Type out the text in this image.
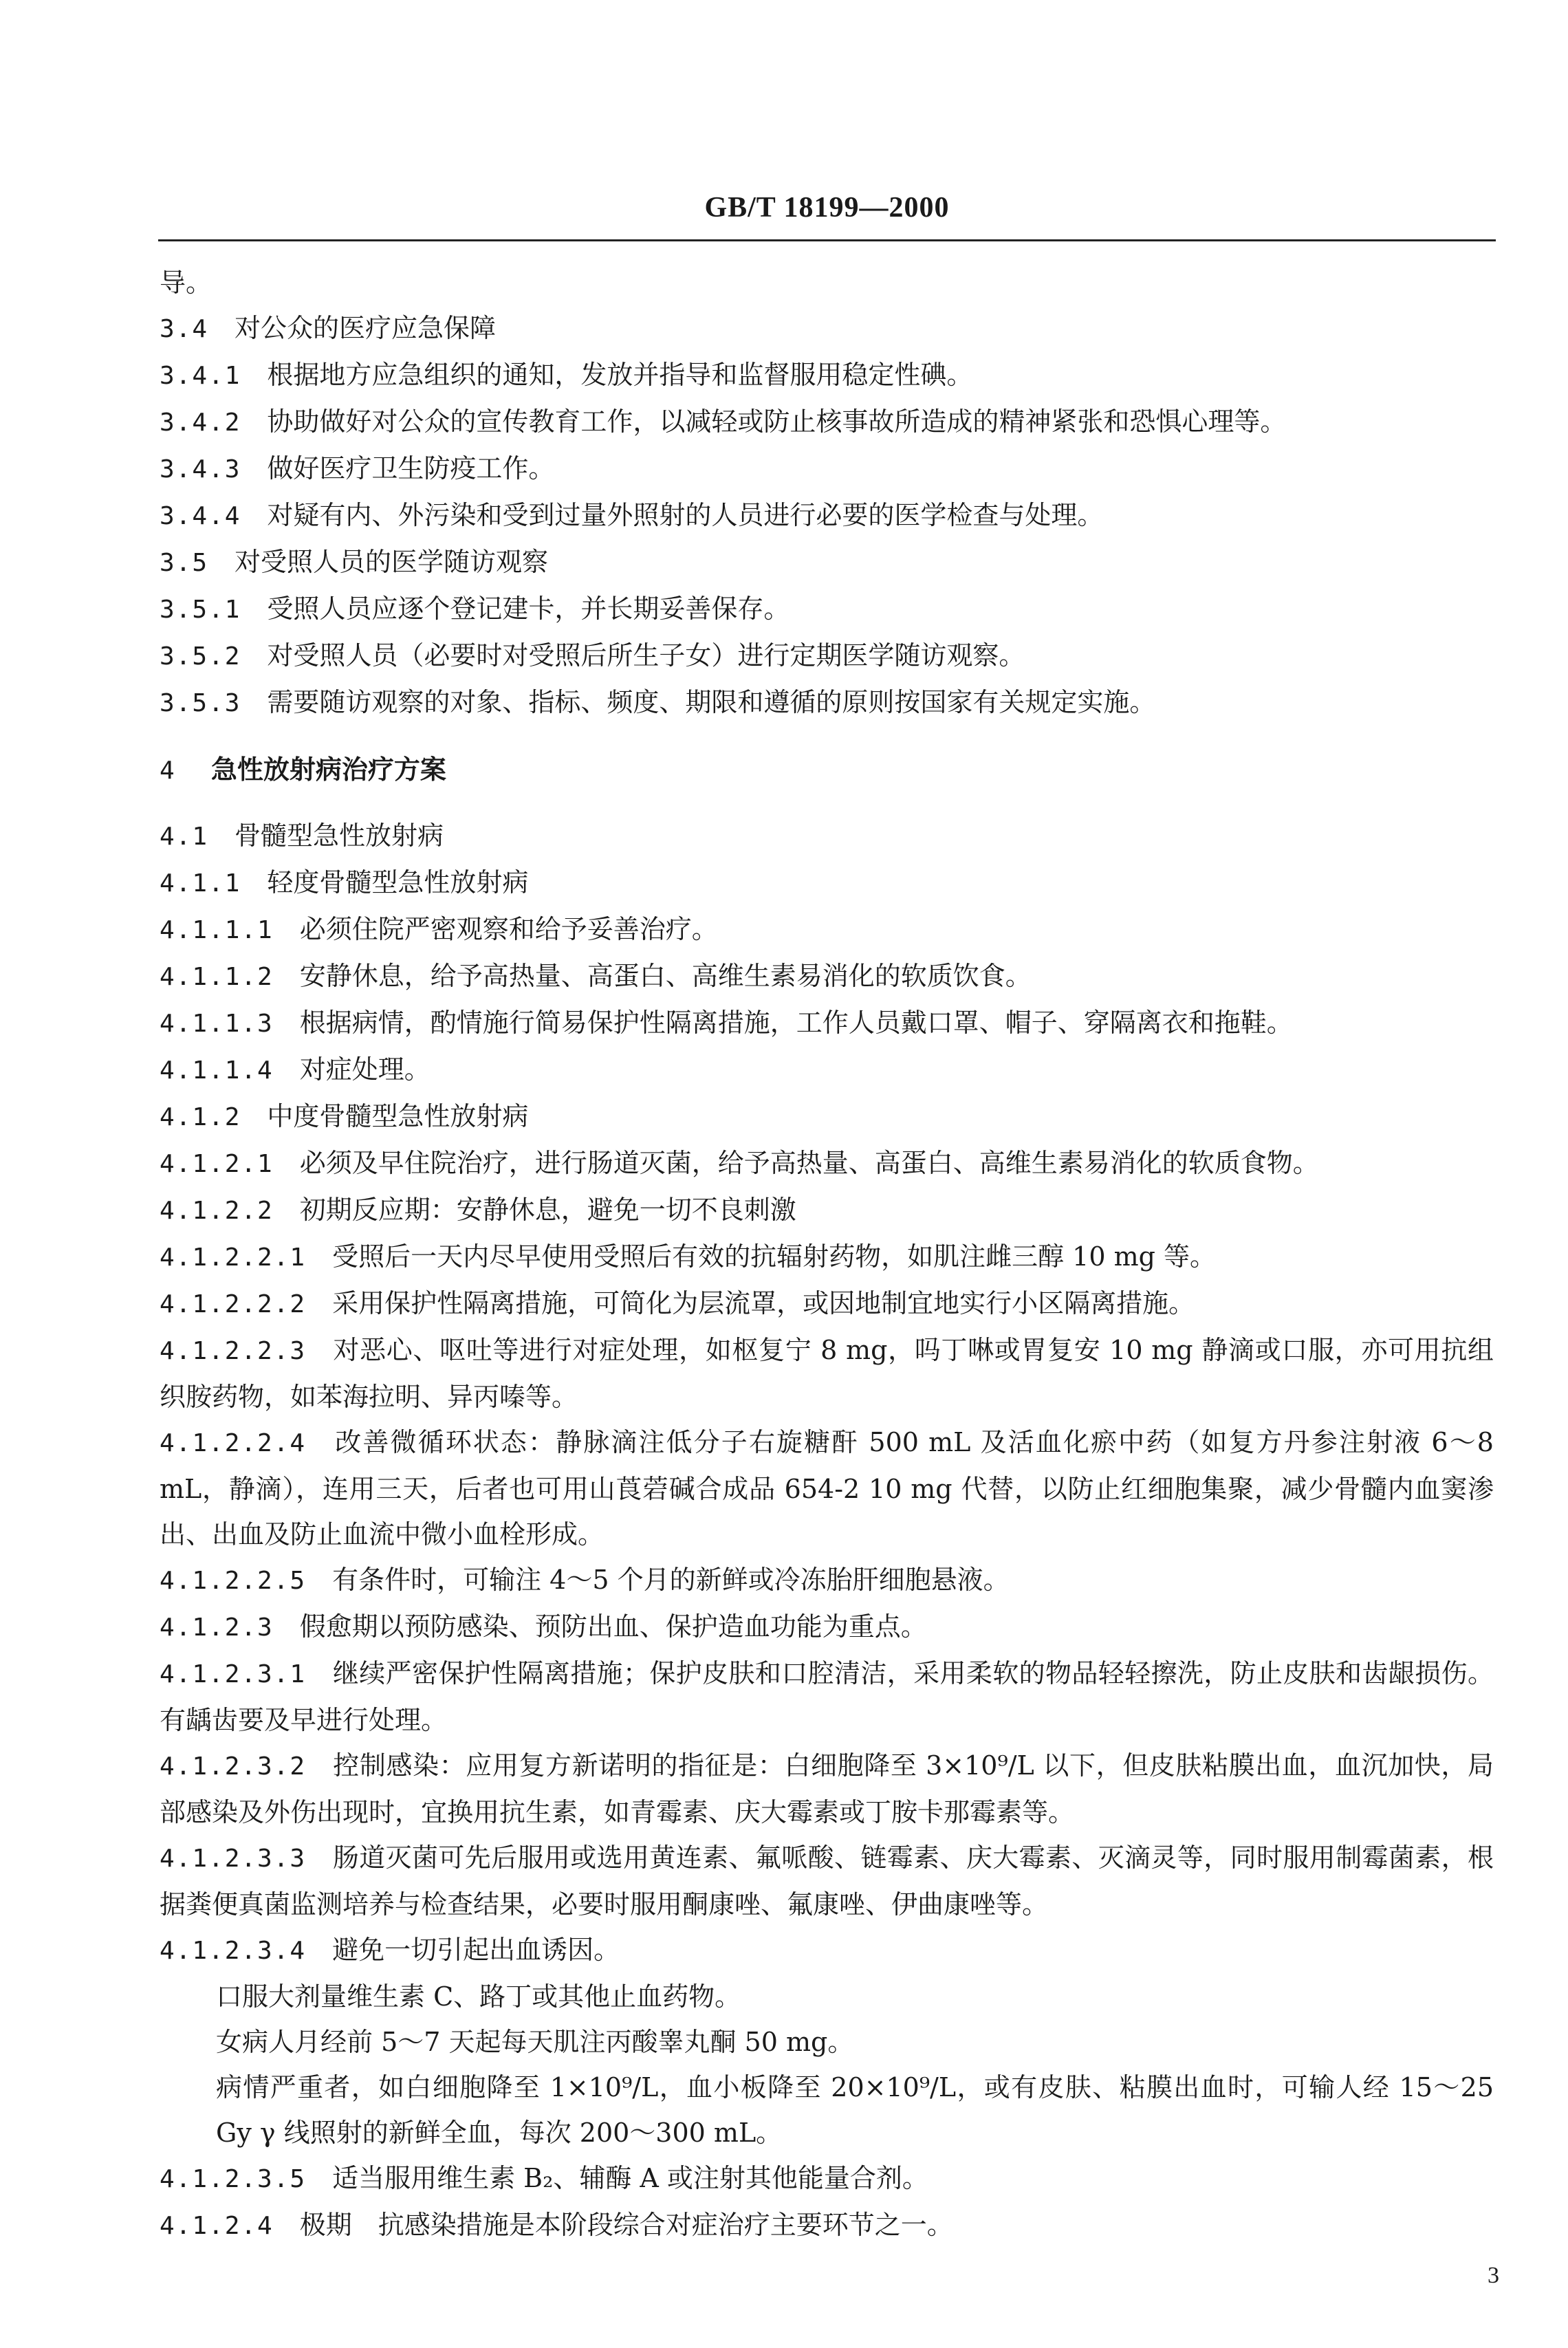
GB/T 18199—2000

导。

3.4　 对公众的医疗应急保障

3.4.1　 根据地方应急组织的通知，发放并指导和监督服用稳定性碘。

3.4.2　 协助做好对公众的宣传教育工作，以减轻或防止核事故所造成的精神紧张和恐惧心理等。

3.4.3　 做好医疗卫生防疫工作。

3.4.4　 对疑有内、外污染和受到过量外照射的人员进行必要的医学检查与处理。

3.5　 对受照人员的医学随访观察

3.5.1　 受照人员应逐个登记建卡，并长期妥善保存。

3.5.2　 对受照人员（必要时对受照后所生子女）进行定期医学随访观察。

3.5.3　 需要随访观察的对象、指标、频度、期限和遵循的原则按国家有关规定实施。

4　 急性放射病治疗方案

4.1　 骨髓型急性放射病

4.1.1　 轻度骨髓型急性放射病

4.1.1.1　 必须住院严密观察和给予妥善治疗。

4.1.1.2　 安静休息，给予高热量、高蛋白、高维生素易消化的软质饮食。

4.1.1.3　 根据病情，酌情施行简易保护性隔离措施，工作人员戴口罩、帽子、穿隔离衣和拖鞋。

4.1.1.4　 对症处理。

4.1.2　 中度骨髓型急性放射病

4.1.2.1　 必须及早住院治疗，进行肠道灭菌，给予高热量、高蛋白、高维生素易消化的软质食物。

4.1.2.2　 初期反应期：安静休息，避免一切不良刺激

4.1.2.2.1　 受照后一天内尽早使用受照后有效的抗辐射药物，如肌注雌三醇 10 mg 等。

4.1.2.2.2　 采用保护性隔离措施，可简化为层流罩，或因地制宜地实行小区隔离措施。

4.1.2.2.3　 对恶心、呕吐等进行对症处理，如枢复宁 8 mg，吗丁啉或胃复安 10 mg 静滴或口服，亦可用抗组织胺药物，如苯海拉明、异丙嗪等。

4.1.2.2.4　 改善微循环状态：静脉滴注低分子右旋糖酐 500 mL 及活血化瘀中药（如复方丹参注射液 6～8 mL，静滴），连用三天，后者也可用山莨菪碱合成品 654-2 10 mg 代替，以防止红细胞集聚，减少骨髓内血窦渗出、出血及防止血流中微小血栓形成。

4.1.2.2.5　 有条件时，可输注 4～5 个月的新鲜或冷冻胎肝细胞悬液。

4.1.2.3　 假愈期以预防感染、预防出血、保护造血功能为重点。

4.1.2.3.1　 继续严密保护性隔离措施；保护皮肤和口腔清洁，采用柔软的物品轻轻擦洗，防止皮肤和齿龈损伤。有龋齿要及早进行处理。

4.1.2.3.2　 控制感染：应用复方新诺明的指征是：白细胞降至 3×10⁹/L 以下，但皮肤粘膜出血，血沉加快，局部感染及外伤出现时，宜换用抗生素，如青霉素、庆大霉素或丁胺卡那霉素等。

4.1.2.3.3　 肠道灭菌可先后服用或选用黄连素、氟哌酸、链霉素、庆大霉素、灭滴灵等，同时服用制霉菌素，根据粪便真菌监测培养与检查结果，必要时服用酮康唑、氟康唑、伊曲康唑等。

4.1.2.3.4　 避免一切引起出血诱因。

口服大剂量维生素 C、路丁或其他止血药物。

女病人月经前 5～7 天起每天肌注丙酸睾丸酮 50 mg。

病情严重者，如白细胞降至 1×10⁹/L，血小板降至 20×10⁹/L，或有皮肤、粘膜出血时，可输人经 15～25 Gy γ 线照射的新鲜全血，每次 200～300 mL。

4.1.2.3.5　 适当服用维生素 B₂、辅酶 A 或注射其他能量合剂。

4.1.2.4　 极期　抗感染措施是本阶段综合对症治疗主要环节之一。

3
